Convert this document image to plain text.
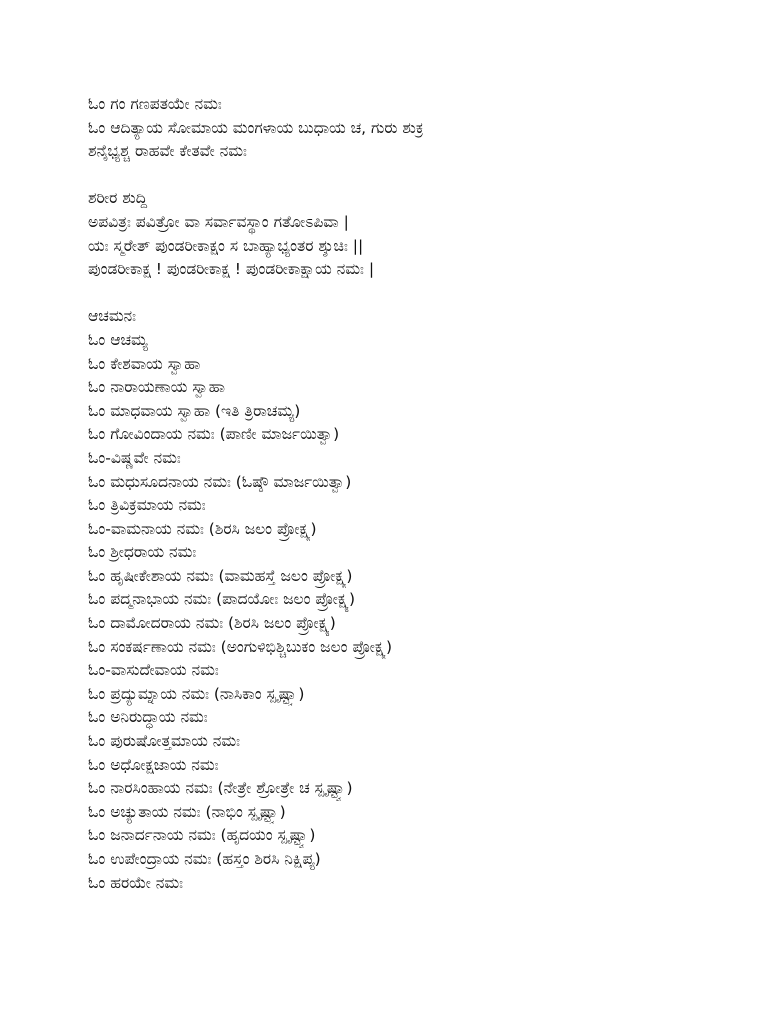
ಓಂ ಗಂ ಗಣಪತಯೇ ನಮಃ
ಓಂ ಆದಿತ್ಯಾಯ ಸೋಮಾಯ ಮಂಗಳಾಯ ಬುಧಾಯ ಚ, ಗುರು ಶುಕ್ರ
ಶನೈಭ್ಯಶ್ಚ ರಾಹವೇ ಕೇತವೇ ನಮಃ
ಶರೀರ ಶುದ್ದಿ
ಅಪವಿತ್ರಃ ಪವಿತ್ರೋ ವಾ ಸರ್ವಾವಸ್ಥಾಂ ಗತೋಽಪಿವಾ |
ಯಃ ಸ್ಮರೇತ್ ಪುಂಡರೀಕಾಕ್ಷಂ ಸ ಬಾಹ್ಯಾಭ್ಯಂತರ ಶ್ಶುಚಿಃ ||
ಪುಂಡರೀಕಾಕ್ಷ ! ಪುಂಡರೀಕಾಕ್ಷ ! ಪುಂಡರೀಕಾಕ್ಷಾಯ ನಮಃ |
ಆಚಮನಃ
ಓಂ ಆಚಮ್ಯ
ಓಂ ಕೇಶವಾಯ ಸ್ವಾಹಾ
ಓಂ ನಾರಾಯಣಾಯ ಸ್ವಾಹಾ
ಓಂ ಮಾಧವಾಯ ಸ್ವಾಹಾ (ಇತಿ ತ್ರಿರಾಚಮ್ಯ)
ಓಂ ಗೋವಿಂದಾಯ ನಮಃ (ಪಾಣೀ ಮಾರ್ಜಯಿತ್ವಾ)
ಓಂ-ವಿಷ್ಣವೇ ನಮಃ
ಓಂ ಮಧುಸೂದನಾಯ ನಮಃ (ಓಷ್ಠೌ ಮಾರ್ಜಯಿತ್ವಾ)
ಓಂ ತ್ರಿವಿಕ್ರಮಾಯ ನಮಃ
ಓಂ-ವಾಮನಾಯ ನಮಃ (ಶಿರಸಿ ಜಲಂ ಪ್ರೋಕ್ಷ್ಯ)
ಓಂ ಶ್ರೀಧರಾಯ ನಮಃ
ಓಂ ಹೃಷೀಕೇಶಾಯ ನಮಃ (ವಾಮಹಸ್ತೆ ಜಲಂ ಪ್ರೋಕ್ಷ್ಯ)
ಓಂ ಪದ್ಮನಾಭಾಯ ನಮಃ (ಪಾದಯೋಃ ಜಲಂ ಪ್ರೋಕ್ಷ್ಯ)
ಓಂ ದಾಮೋದರಾಯ ನಮಃ (ಶಿರಸಿ ಜಲಂ ಪ್ರೋಕ್ಷ್ಯ)
ಓಂ ಸಂಕರ್ಷಣಾಯ ನಮಃ (ಅಂಗುಳಿಭಿಶ್ಚಿಬುಕಂ ಜಲಂ ಪ್ರೋಕ್ಷ್ಯ)
ಓಂ-ವಾಸುದೇವಾಯ ನಮಃ
ಓಂ ಪ್ರದ್ಯುಮ್ನಾಯ ನಮಃ (ನಾಸಿಕಾಂ ಸ್ಪೃಷ್ಟ್ವಾ)
ಓಂ ಅನಿರುದ್ಧಾಯ ನಮಃ
ಓಂ ಪುರುಷೋತ್ತಮಾಯ ನಮಃ
ಓಂ ಅಧೋಕ್ಷಜಾಯ ನಮಃ
ಓಂ ನಾರಸಿಂಹಾಯ ನಮಃ (ನೇತ್ರೇ ಶ್ರೋತ್ರೇ ಚ ಸ್ಪೃಷ್ಟ್ವಾ)
ಓಂ ಅಚ್ಯುತಾಯ ನಮಃ (ನಾಭಿಂ ಸ್ಪೃಷ್ಟ್ವಾ)
ಓಂ ಜನಾರ್ದನಾಯ ನಮಃ (ಹೃದಯಂ ಸ್ಪೃಷ್ಟ್ವಾ)
ಓಂ ಉಪೇಂದ್ರಾಯ ನಮಃ (ಹಸ್ತಂ ಶಿರಸಿ ನಿಕ್ಷಿಪ್ಯ)
ಓಂ ಹರಯೇ ನಮಃ
